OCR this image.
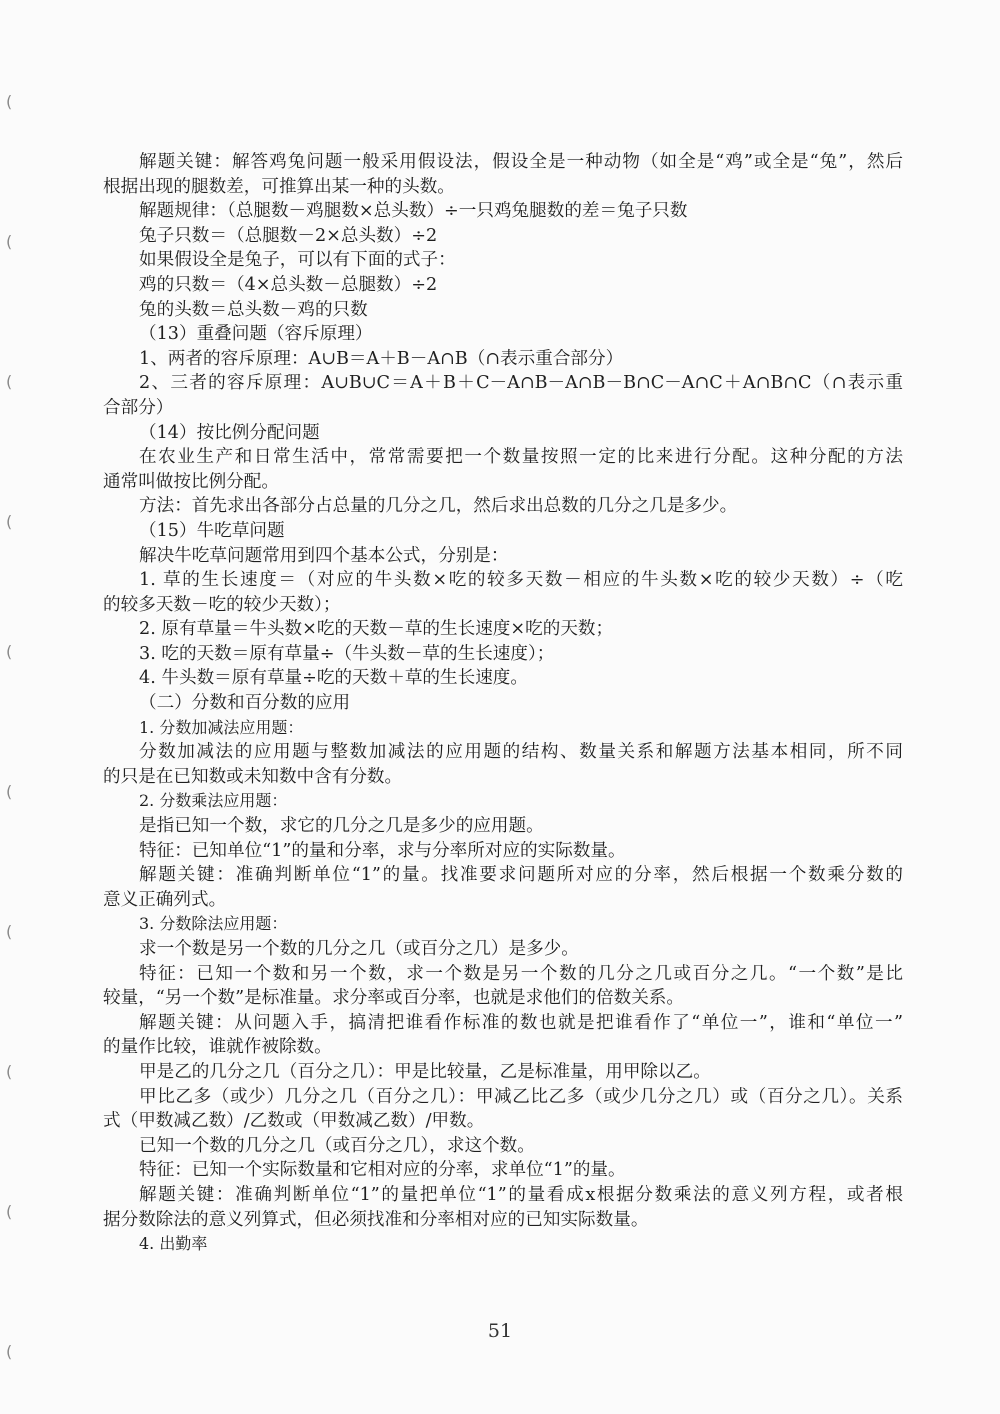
(
(
(
(
(
(
(
(
(
(
解题关键：解答鸡兔问题一般采用假设法，假设全是一种动物（如全是“鸡”或全是“兔”，然后
根据出现的腿数差，可推算出某一种的头数。
解题规律：（总腿数－鸡腿数×总头数）÷一只鸡兔腿数的差＝兔子只数
兔子只数＝（总腿数－2×总头数）÷2
如果假设全是兔子，可以有下面的式子：
鸡的只数＝（4×总头数－总腿数）÷2
兔的头数＝总头数－鸡的只数
（13）重叠问题（容斥原理）
1、两者的容斥原理：A∪B＝A＋B－A∩B（∩表示重合部分）
2、三者的容斥原理：A∪B∪C＝A＋B＋C－A∩B－A∩B－B∩C－A∩C＋A∩B∩C（∩表示重
合部分）
（14）按比例分配问题
在农业生产和日常生活中，常常需要把一个数量按照一定的比来进行分配。这种分配的方法
通常叫做按比例分配。
方法：首先求出各部分占总量的几分之几，然后求出总数的几分之几是多少。
（15）牛吃草问题
解决牛吃草问题常用到四个基本公式，分别是：
1. 草的生长速度＝（对应的牛头数×吃的较多天数－相应的牛头数×吃的较少天数）÷（吃
的较多天数－吃的较少天数）；
2. 原有草量＝牛头数×吃的天数－草的生长速度×吃的天数；
3. 吃的天数＝原有草量÷（牛头数－草的生长速度）；
4. 牛头数＝原有草量÷吃的天数＋草的生长速度。
（二）分数和百分数的应用
1. 分数加减法应用题：
分数加减法的应用题与整数加减法的应用题的结构、数量关系和解题方法基本相同，所不同
的只是在已知数或未知数中含有分数。
2. 分数乘法应用题：
是指已知一个数，求它的几分之几是多少的应用题。
特征：已知单位“1”的量和分率，求与分率所对应的实际数量。
解题关键：准确判断单位“1”的量。找准要求问题所对应的分率，然后根据一个数乘分数的
意义正确列式。
3. 分数除法应用题：
求一个数是另一个数的几分之几（或百分之几）是多少。
特征：已知一个数和另一个数，求一个数是另一个数的几分之几或百分之几。“一个数”是比
较量，“另一个数”是标准量。求分率或百分率，也就是求他们的倍数关系。
解题关键：从问题入手，搞清把谁看作标准的数也就是把谁看作了“单位一”，谁和“单位一”
的量作比较，谁就作被除数。
甲是乙的几分之几（百分之几）：甲是比较量，乙是标准量，用甲除以乙。
甲比乙多（或少）几分之几（百分之几）：甲减乙比乙多（或少几分之几）或（百分之几）。关系
式（甲数减乙数）/乙数或（甲数减乙数）/甲数。
已知一个数的几分之几（或百分之几），求这个数。
特征：已知一个实际数量和它相对应的分率，求单位“1”的量。
解题关键：准确判断单位“1”的量把单位“1”的量看成x根据分数乘法的意义列方程，或者根
据分数除法的意义列算式，但必须找准和分率相对应的已知实际数量。
4. 出勤率
51
